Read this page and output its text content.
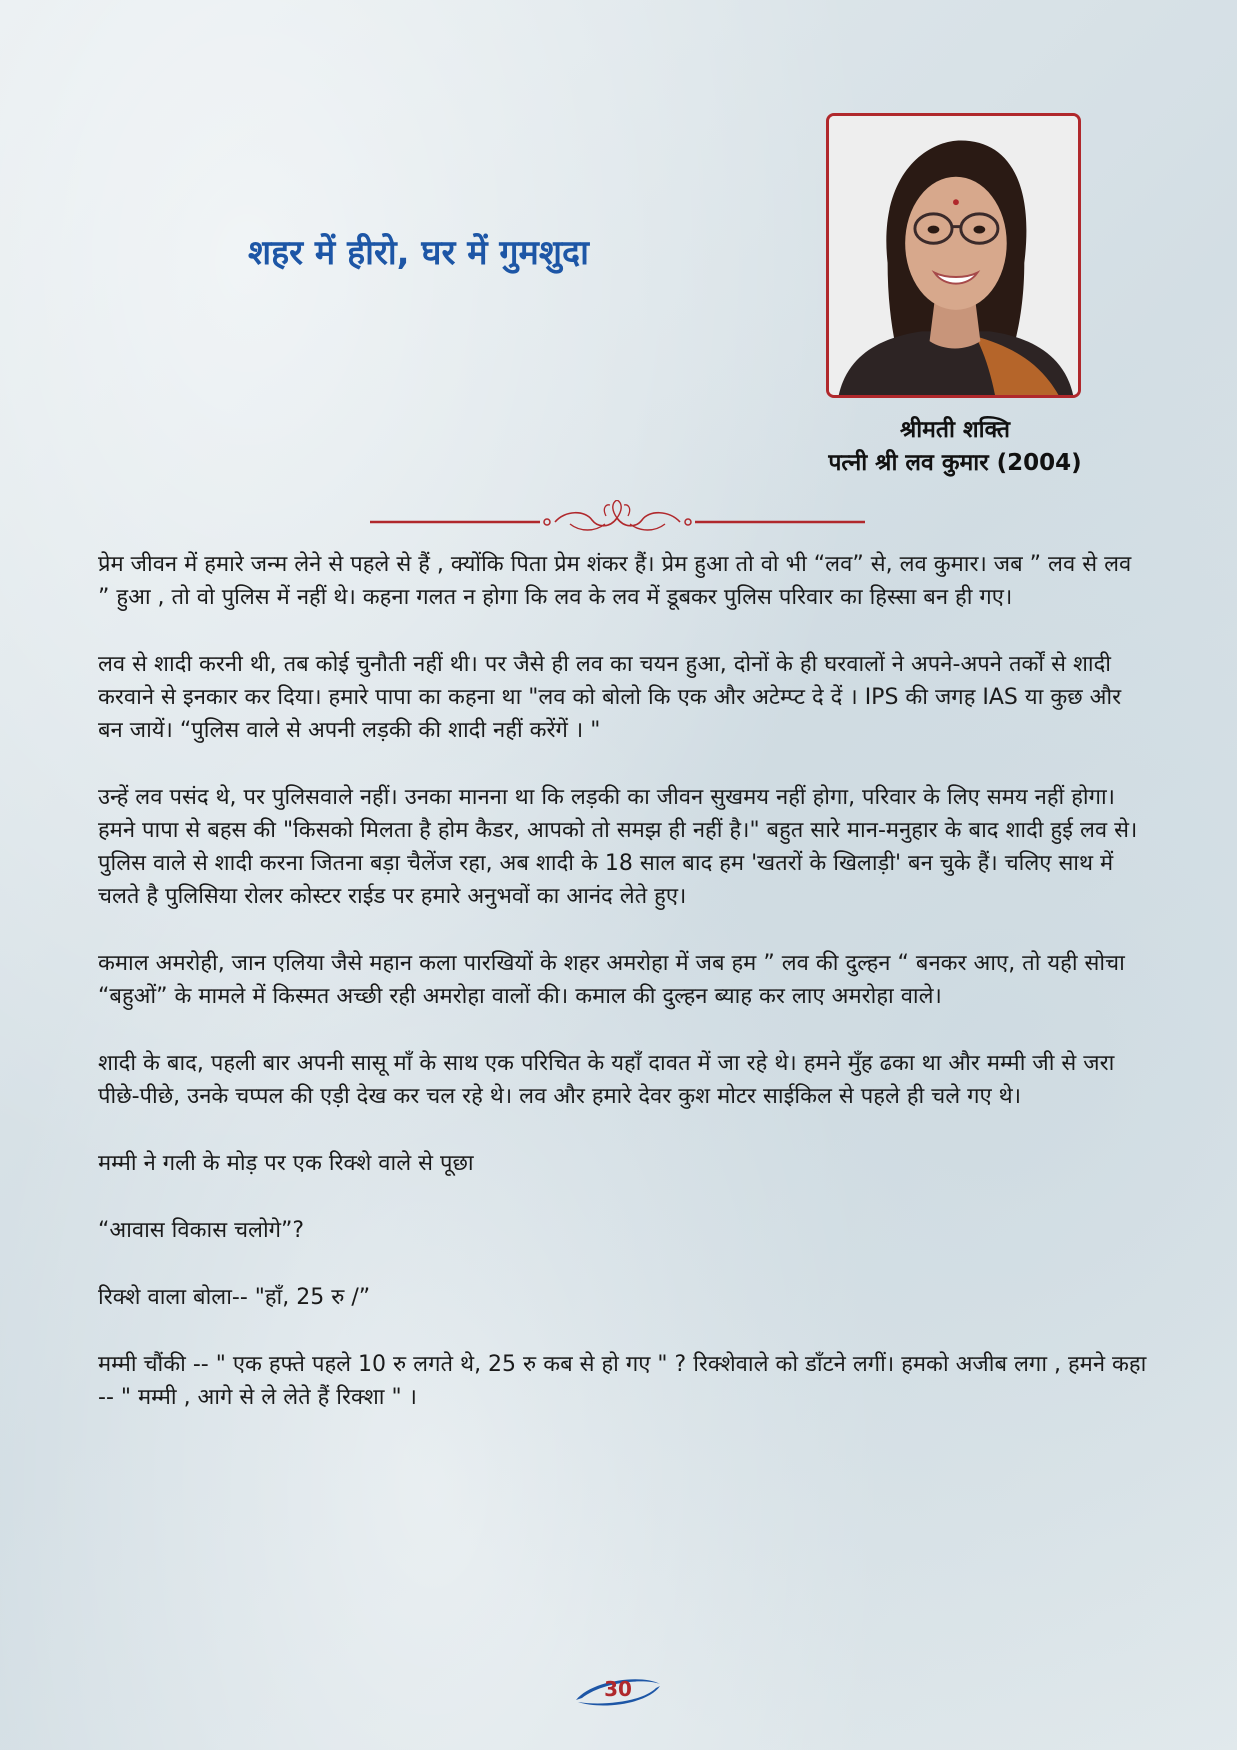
शहर में हीरो, घर में गुमशुदा
श्रीमती शक्ति
पत्नी श्री लव कुमार (2004)

प्रेम जीवन में हमारे जन्म लेने से पहले से हैं , क्योंकि पिता प्रेम शंकर हैं। प्रेम हुआ तो वो भी “लव” से, लव कुमार। जब ” लव से लव ” हुआ , तो वो पुलिस में नहीं थे। कहना गलत न होगा कि लव के लव में डूबकर पुलिस परिवार का हिस्सा बन ही गए।

लव से शादी करनी थी, तब कोई चुनौती नहीं थी। पर जैसे ही लव का चयन हुआ, दोनों के ही घरवालों ने अपने-अपने तर्कों से शादी करवाने से इनकार कर दिया। हमारे पापा का कहना था "लव को बोलो कि एक और अटेम्प्ट दे दें । IPS की जगह IAS या कुछ और बन जायें। “पुलिस वाले से अपनी लड़की की शादी नहीं करेंगें । "

उन्हें लव पसंद थे, पर पुलिसवाले नहीं। उनका मानना था कि लड़की का जीवन सुखमय नहीं होगा, परिवार के लिए समय नहीं होगा। हमने पापा से बहस की "किसको मिलता है होम कैडर, आपको तो समझ ही नहीं है।" बहुत सारे मान-मनुहार के बाद शादी हुई लव से। पुलिस वाले से शादी करना जितना बड़ा चैलेंज रहा, अब शादी के 18 साल बाद हम 'खतरों के खिलाड़ी' बन चुके हैं। चलिए साथ में चलते है पुलिसिया रोलर कोस्टर राईड पर हमारे अनुभवों का आनंद लेते हुए।

कमाल अमरोही, जान एलिया जैसे महान कला पारखियों के शहर अमरोहा में जब हम ” लव की दुल्हन “ बनकर आए, तो यही सोचा “बहुओं” के मामले में किस्मत अच्छी रही अमरोहा वालों की। कमाल की दुल्हन ब्याह कर लाए अमरोहा वाले।

शादी के बाद, पहली बार अपनी सासू माँ के साथ एक परिचित के यहाँ दावत में जा रहे थे। हमने मुँह ढका था और मम्मी जी से जरा पीछे-पीछे, उनके चप्पल की एड़ी देख कर चल रहे थे। लव और हमारे देवर कुश मोटर साईकिल से पहले ही चले गए थे।

मम्मी ने गली के मोड़ पर एक रिक्शे वाले से पूछा

“आवास विकास चलोगे”?

रिक्शे वाला बोला-- "हाँ, 25 रु /”

मम्मी चौंकी -- " एक हफ्ते पहले 10 रु लगते थे, 25 रु कब से हो गए " ? रिक्शेवाले को डाँटने लगीं। हमको अजीब लगा , हमने कहा -- " मम्मी , आगे से ले लेते हैं रिक्शा " ।

30
